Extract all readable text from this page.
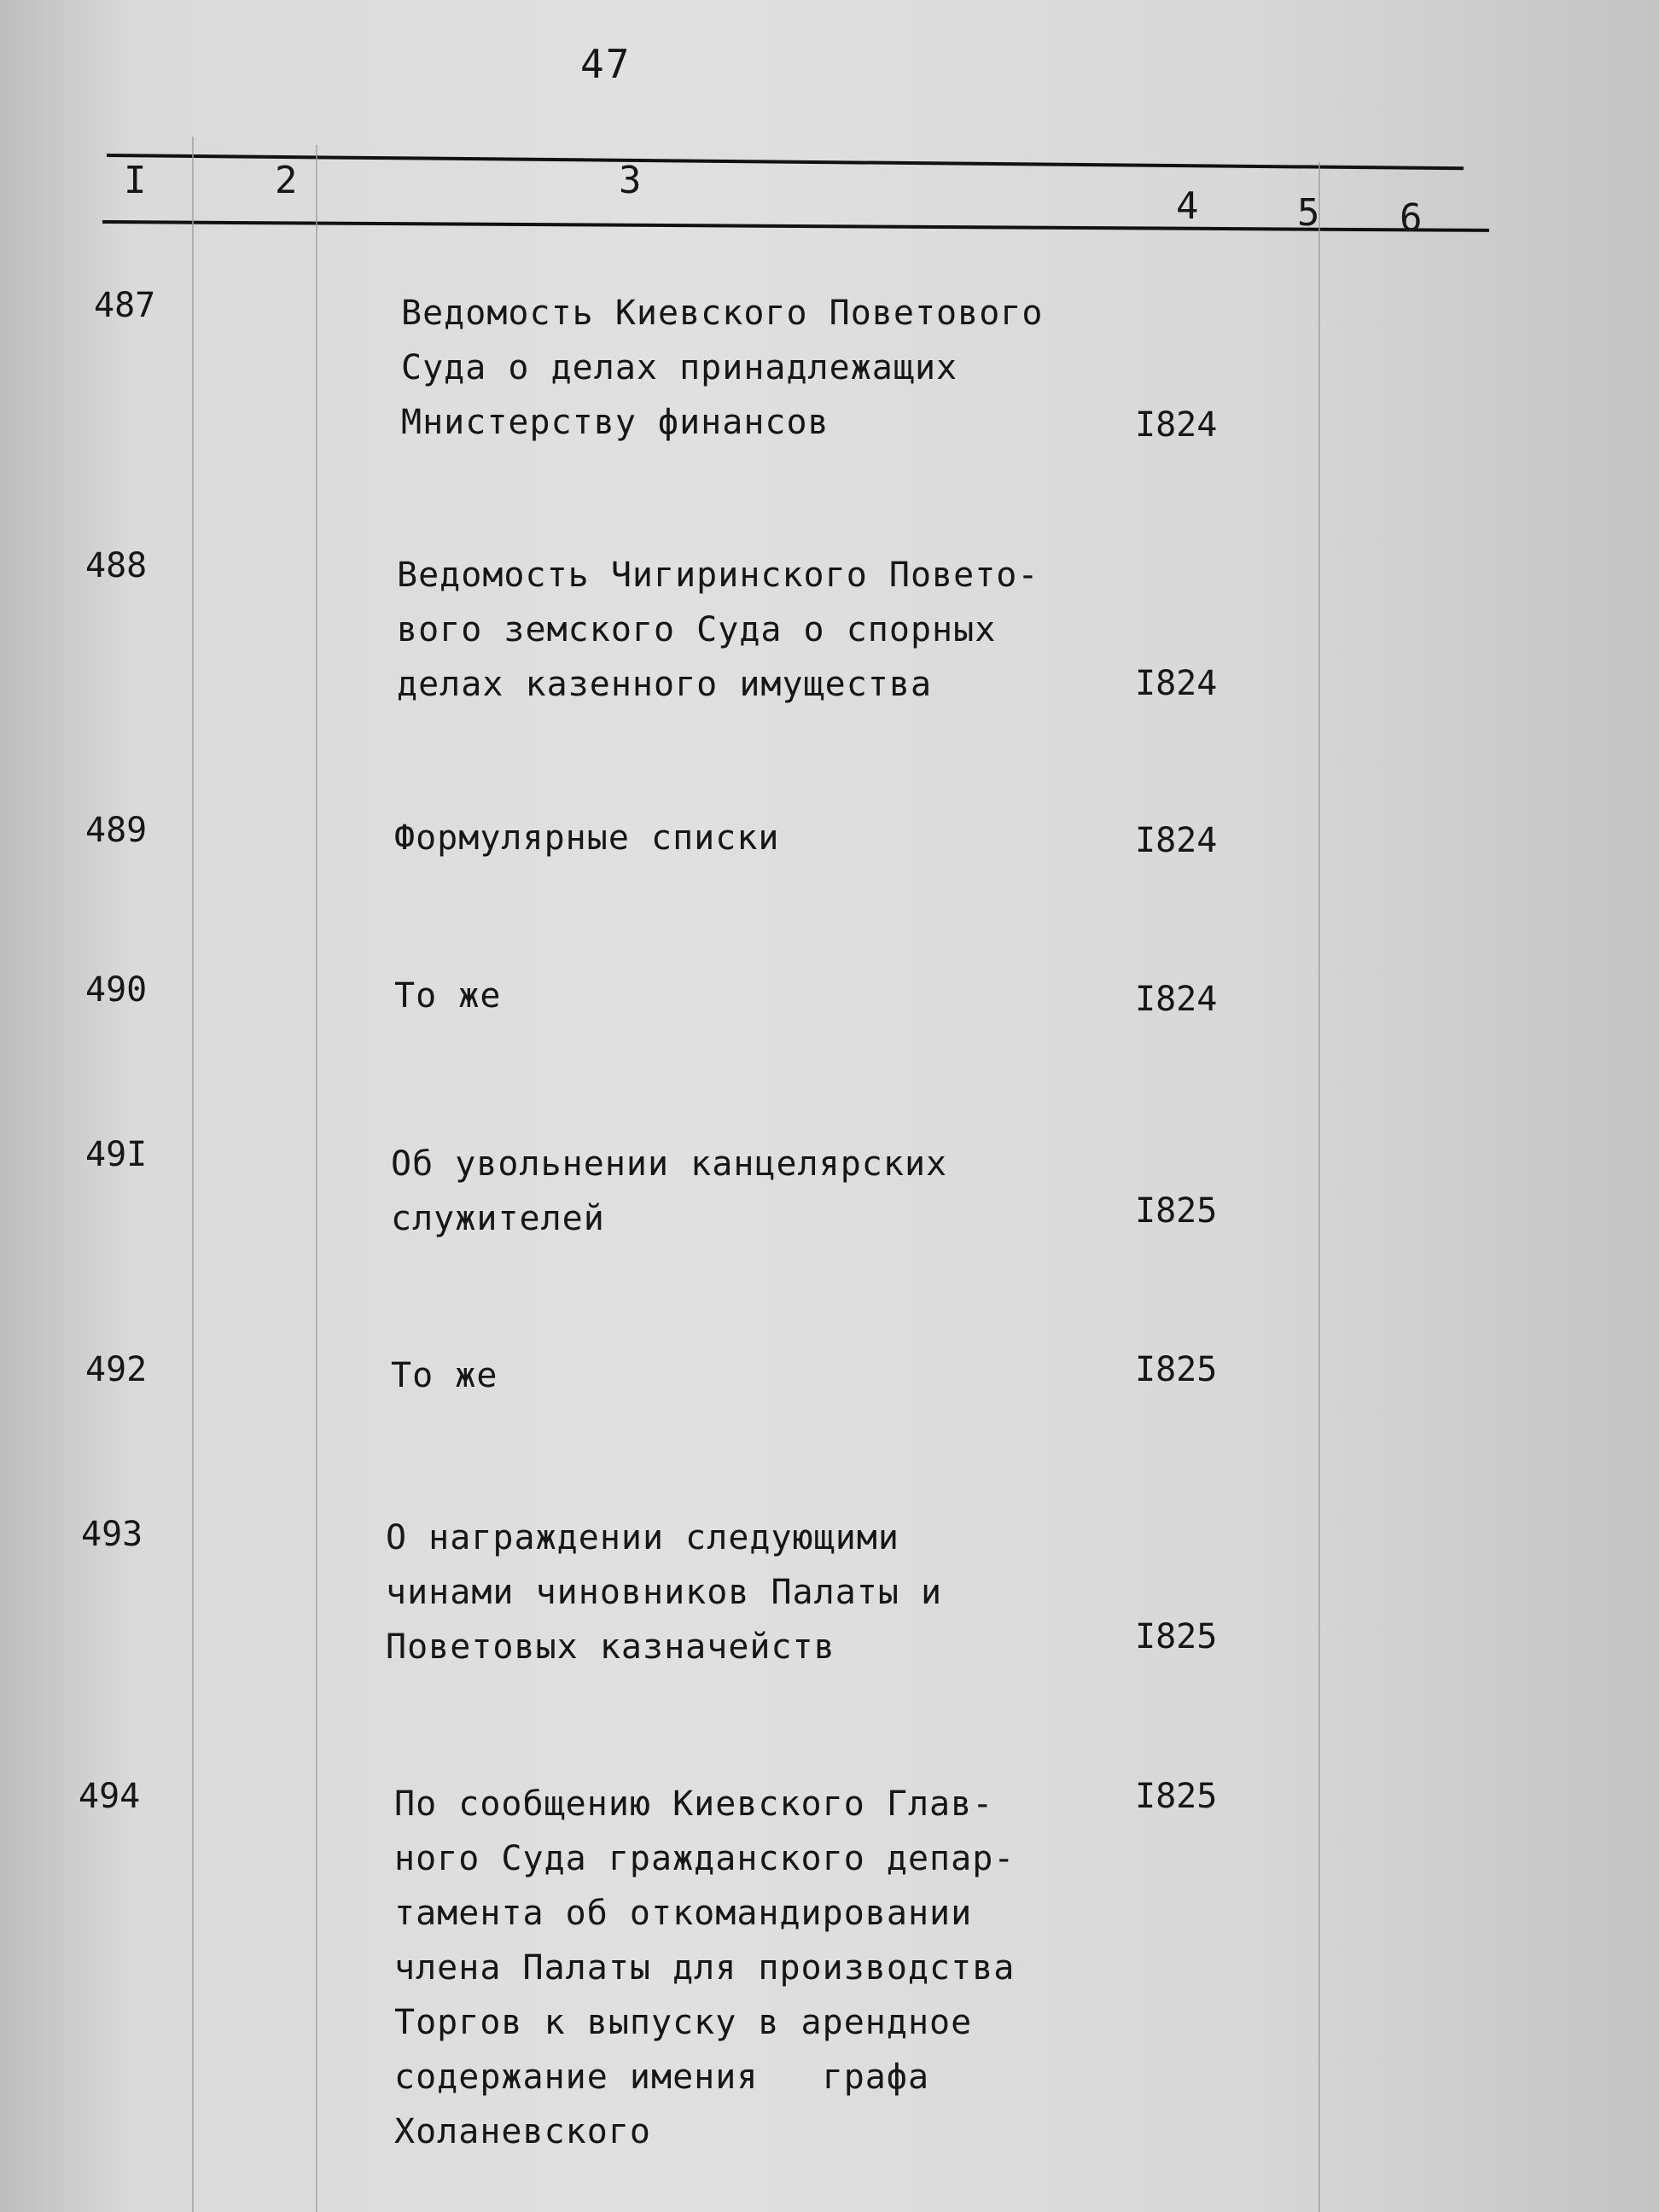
47
I	2	3
4	5 6
487	Ведомость Киевского Поветового
Суда о делах принадлежащих
Мнистерству финансов	I824
488	Ведомость Чигиринского Повето-
вого земского Суда о спорных
делах казенного имущества	I824
489	Формулярные списки	I824
490	То же	I824
49I	Об увольнении канцелярских
служителей	I825
492	То же	I825
493	О награждении следующими
чинами чиновников Палаты и
Поветовых казначейств	I825
494	По сообщению Киевского Глав-
ного Суда гражданского депар-
тамента об откомандировании
члена Палаты для производства
Торгов к выпуску в арендное
содержание имения   графа
Холаневского
I825
